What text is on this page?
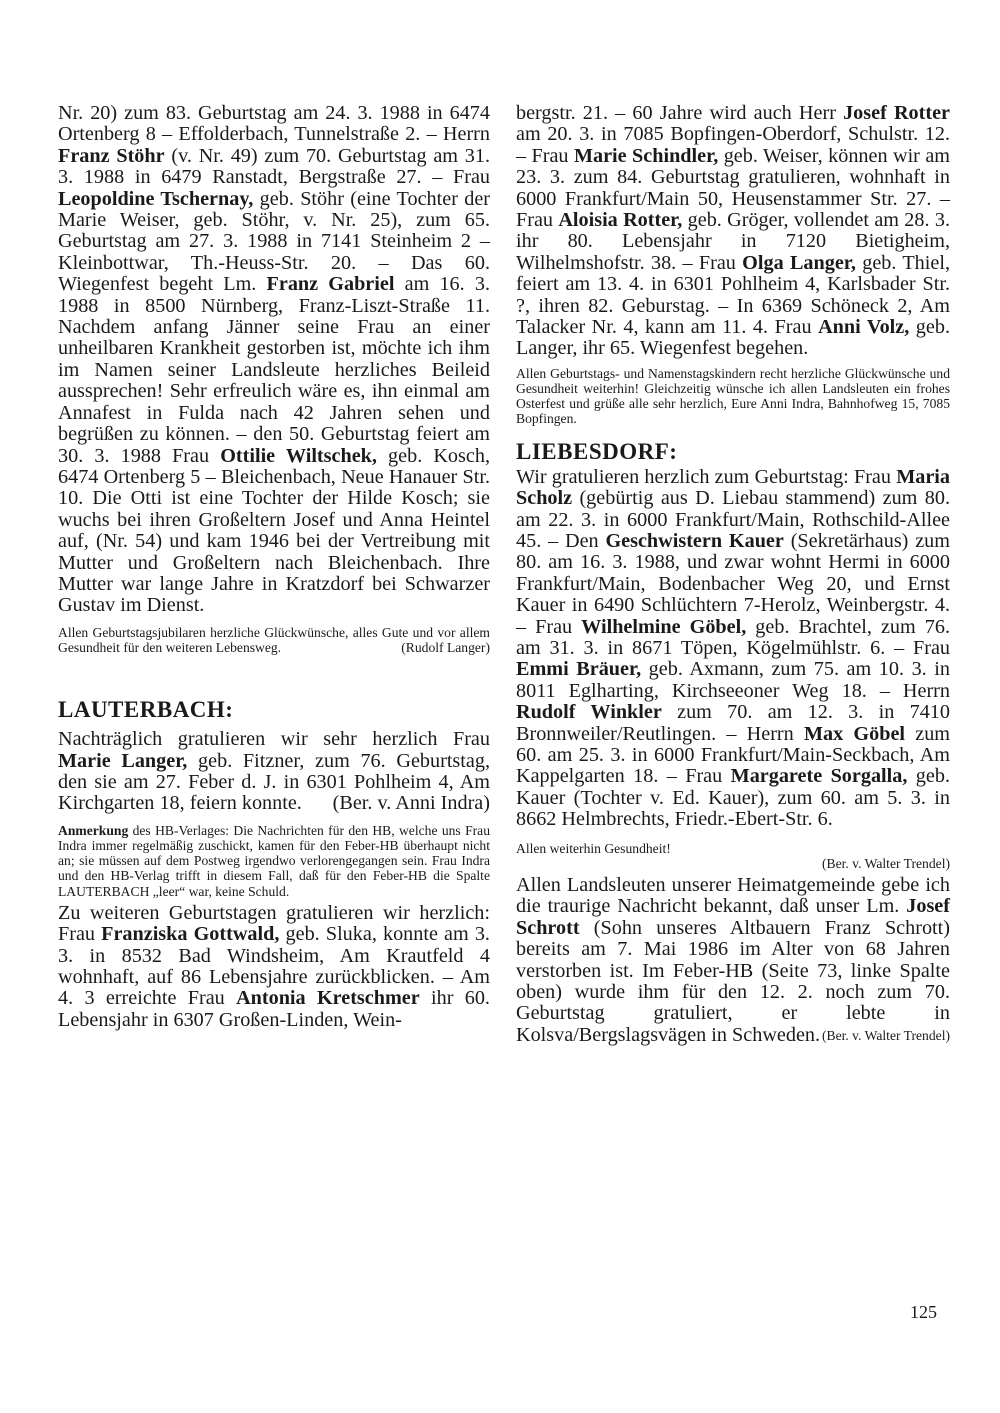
Nr. 20) zum 83. Geburtstag am 24. 3. 1988 in 6474 Ortenberg 8 – Effolderbach, Tunnelstraße 2. – Herrn Franz Stöhr (v. Nr. 49) zum 70. Geburtstag am 31. 3. 1988 in 6479 Ranstadt, Bergstraße 27. – Frau Leopoldine Tschernay, geb. Stöhr (eine Tochter der Marie Weiser, geb. Stöhr, v. Nr. 25), zum 65. Geburtstag am 27. 3. 1988 in 7141 Steinheim 2 – Kleinbottwar, Th.-Heuss-Str. 20. – Das 60. Wiegenfest begeht Lm. Franz Gabriel am 16. 3. 1988 in 8500 Nürnberg, Franz-Liszt-Straße 11. Nachdem anfang Jänner seine Frau an einer unheilbaren Krankheit gestorben ist, möchte ich ihm im Namen seiner Landsleute herzliches Beileid aussprechen! Sehr erfreulich wäre es, ihn einmal am Annafest in Fulda nach 42 Jahren sehen und begrüßen zu können. – den 50. Geburtstag feiert am 30. 3. 1988 Frau Ottilie Wiltschek, geb. Kosch, 6474 Ortenberg 5 – Bleichenbach, Neue Hanauer Str. 10. Die Otti ist eine Tochter der Hilde Kosch; sie wuchs bei ihren Großeltern Josef und Anna Heintel auf, (Nr. 54) und kam 1946 bei der Vertreibung mit Mutter und Großeltern nach Bleichenbach. Ihre Mutter war lange Jahre in Kratzdorf bei Schwarzer Gustav im Dienst.

Allen Geburtstagsjubilaren herzliche Glückwünsche, alles Gute und vor allem Gesundheit für den weiteren Lebensweg.	(Rudolf Langer)

LAUTERBACH:

Nachträglich gratulieren wir sehr herzlich Frau Marie Langer, geb. Fitzner, zum 76. Geburtstag, den sie am 27. Feber d. J. in 6301 Pohlheim 4, Am Kirchgarten 18, feiern konnte. (Ber. v. Anni Indra)

Anmerkung des HB-Verlages: Die Nachrichten für den HB, welche uns Frau Indra immer regelmäßig zuschickt, kamen für den Feber-HB überhaupt nicht an; sie müssen auf dem Postweg irgendwo verlorengegangen sein. Frau Indra und den HB-Verlag trifft in diesem Fall, daß für den Feber-HB die Spalte LAUTERBACH „leer“ war, keine Schuld.

Zu weiteren Geburtstagen gratulieren wir herzlich: Frau Franziska Gottwald, geb. Sluka, konnte am 3. 3. in 8532 Bad Windsheim, Am Krautfeld 4 wohnhaft, auf 86 Lebensjahre zurückblicken. – Am 4. 3 erreichte Frau Antonia Kretschmer ihr 60. Lebensjahr in 6307 Großen-Linden, Wein-

bergstr. 21. – 60 Jahre wird auch Herr Josef Rotter am 20. 3. in 7085 Bopfingen-Oberdorf, Schulstr. 12. – Frau Marie Schindler, geb. Weiser, können wir am 23. 3. zum 84. Geburtstag gratulieren, wohnhaft in 6000 Frankfurt/Main 50, Heusenstammer Str. 27. – Frau Aloisia Rotter, geb. Gröger, vollendet am 28. 3. ihr 80. Lebensjahr in 7120 Bietigheim, Wilhelmshofstr. 38. – Frau Olga Langer, geb. Thiel, feiert am 13. 4. in 6301 Pohlheim 4, Karlsbader Str. ?, ihren 82. Geburstag. – In 6369 Schöneck 2, Am Talacker Nr. 4, kann am 11. 4. Frau Anni Volz, geb. Langer, ihr 65. Wiegenfest begehen.

Allen Geburtstags- und Namenstagskindern recht herzliche Glückwünsche und Gesundheit weiterhin! Gleichzeitig wünsche ich allen Landsleuten ein frohes Osterfest und grüße alle sehr herzlich, Eure Anni Indra, Bahnhofweg 15, 7085 Bopfingen.

LIEBESDORF:

Wir gratulieren herzlich zum Geburtstag: Frau Maria Scholz (gebürtig aus D. Liebau stammend) zum 80. am 22. 3. in 6000 Frankfurt/Main, Rothschild-Allee 45. – Den Geschwistern Kauer (Sekretärhaus) zum 80. am 16. 3. 1988, und zwar wohnt Hermi in 6000 Frankfurt/Main, Bodenbacher Weg 20, und Ernst Kauer in 6490 Schlüchtern 7-Herolz, Weinbergstr. 4. – Frau Wilhelmine Göbel, geb. Brachtel, zum 76. am 31. 3. in 8671 Töpen, Kögelmühlstr. 6. – Frau Emmi Bräuer, geb. Axmann, zum 75. am 10. 3. in 8011 Eglharting, Kirchseeoner Weg 18. – Herrn Rudolf Winkler zum 70. am 12. 3. in 7410 Bronnweiler/Reutlingen. – Herrn Max Göbel zum 60. am 25. 3. in 6000 Frankfurt/Main-Seckbach, Am Kappelgarten 18. – Frau Margarete Sorgalla, geb. Kauer (Tochter v. Ed. Kauer), zum 60. am 5. 3. in 8662 Helmbrechts, Friedr.-Ebert-Str. 6.

Allen weiterhin Gesundheit!

(Ber. v. Walter Trendel)

Allen Landsleuten unserer Heimatgemeinde gebe ich die traurige Nachricht bekannt, daß unser Lm. Josef Schrott (Sohn unseres Altbauern Franz Schrott) bereits am 7. Mai 1986 im Alter von 68 Jahren verstorben ist. Im Feber-HB (Seite 73, linke Spalte oben) wurde ihm für den 12. 2. noch zum 70. Geburtstag gratuliert, er lebte in Kolsva/Bergslagsvägen in Schweden. (Ber. v. Walter Trendel)

125
